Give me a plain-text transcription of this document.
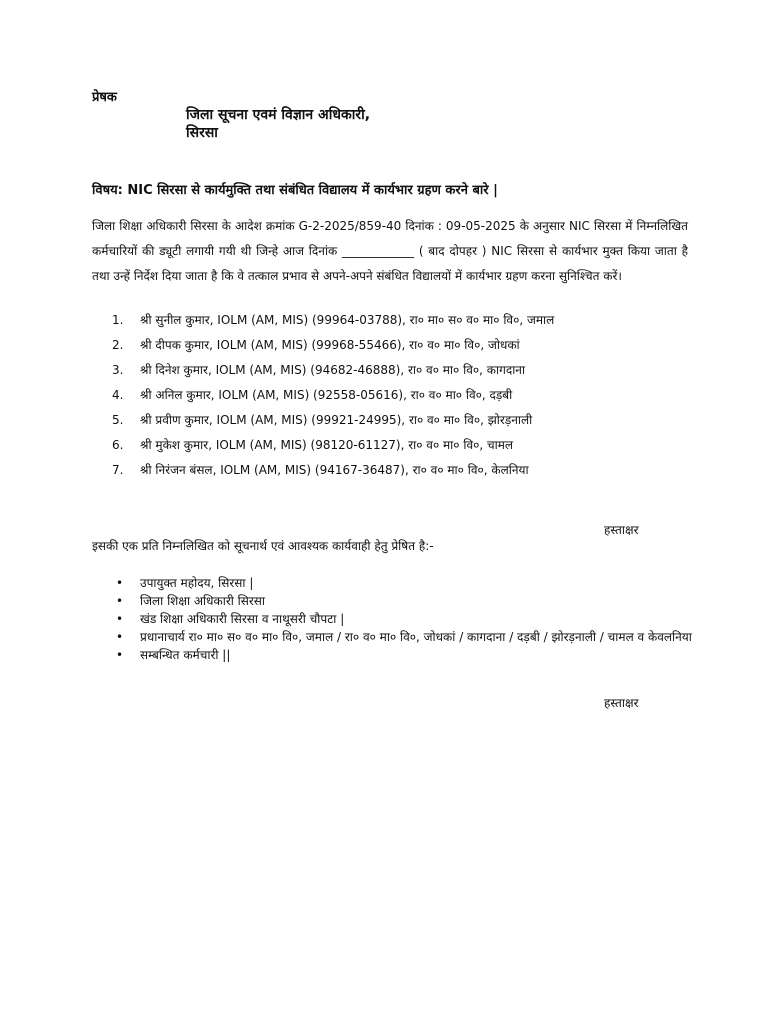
प्रेषक
जिला सूचना एवमं विज्ञान अधिकारी,
सिरसा
विषय: NIC सिरसा से कार्यमुक्ति तथा संबंधित विद्यालय में कार्यभार ग्रहण करने बारे |
जिला शिक्षा अधिकारी सिरसा के आदेश क्रमांक G-2-2025/859-40 दिनांक : 09-05-2025 के अनुसार NIC सिरसा में निम्नलिखित कर्मचारियों की ड्यूटी लगायी गयी थी जिन्हे आज दिनांक ____________ ( बाद दोपहर ) NIC सिरसा से कार्यभार मुक्त किया जाता है तथा उन्हें निर्देश दिया जाता है कि वे तत्काल प्रभाव से अपने-अपने संबंधित विद्यालयों में कार्यभार ग्रहण करना सुनिश्चित करें।
1. श्री सुनील कुमार, IOLM (AM, MIS) (99964-03788), रा० मा० स० व० मा० वि०, जमाल
2. श्री दीपक कुमार, IOLM (AM, MIS) (99968-55466), रा० व० मा० वि०, जोधकां
3. श्री दिनेश कुमार, IOLM (AM, MIS) (94682-46888), रा० व० मा० वि०, कागदाना
4. श्री अनिल कुमार, IOLM (AM, MIS) (92558-05616), रा० व० मा० वि०, दड़बी
5. श्री प्रवीण कुमार, IOLM (AM, MIS) (99921-24995), रा० व० मा० वि०, झोरड़नाली
6. श्री मुकेश कुमार, IOLM (AM, MIS) (98120-61127), रा० व० मा० वि०, चामल
7. श्री निरंजन बंसल, IOLM (AM, MIS) (94167-36487), रा० व० मा० वि०, केलनिया
हस्ताक्षर
इसकी एक प्रति निम्नलिखित को सूचनार्थ एवं आवश्यक कार्यवाही हेतु प्रेषित है:-
• उपायुक्त महोदय, सिरसा |
• जिला शिक्षा अधिकारी सिरसा
• खंड शिक्षा अधिकारी सिरसा व नाथूसरी चौपटा |
• प्रधानाचार्य रा० मा० स० व० मा० वि०, जमाल / रा० व० मा० वि०, जोधकां / कागदाना / दड़बी / झोरड़नाली / चामल व केवलनिया
• सम्बन्धित कर्मचारी ||
हस्ताक्षर
